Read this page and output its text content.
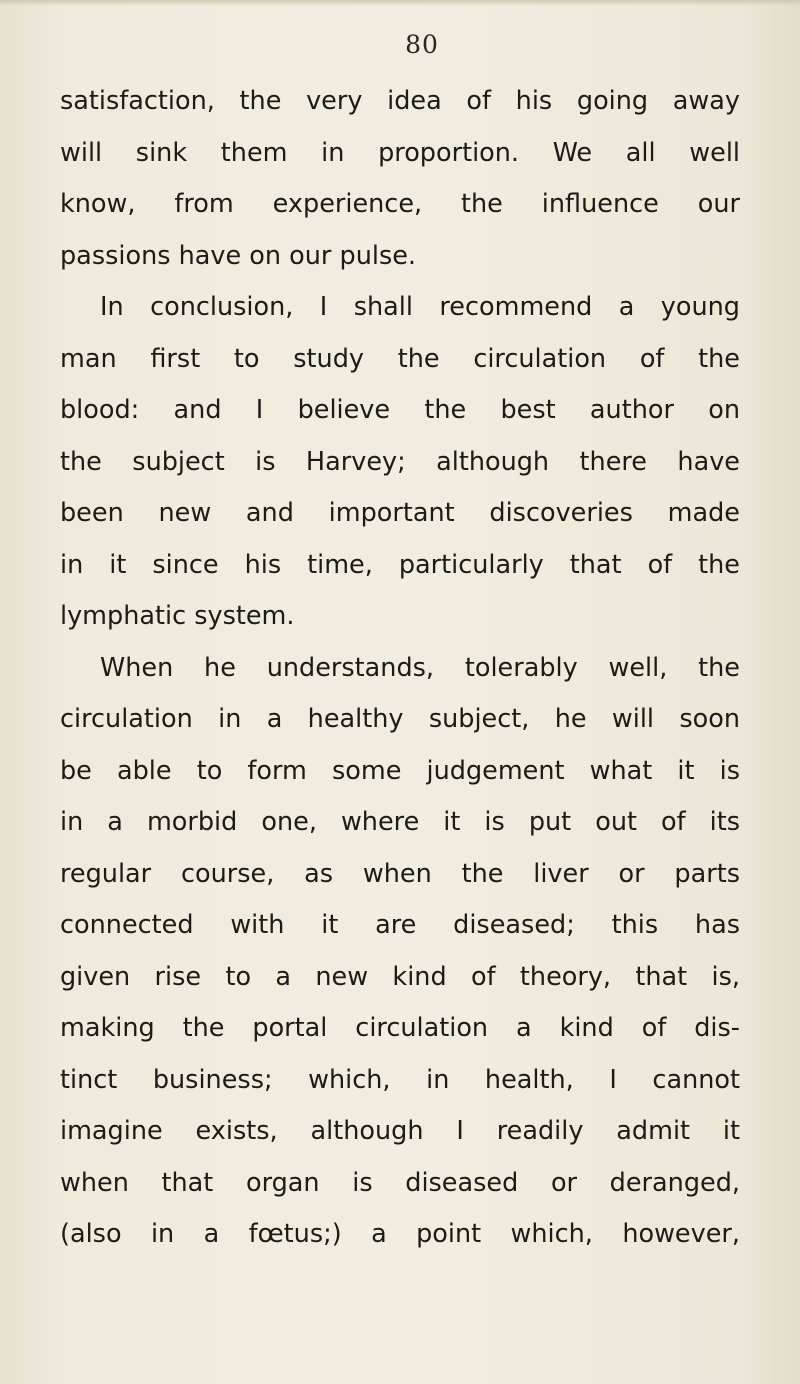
80
satisfaction, the very idea of his going away
will sink them in proportion. We all well
know, from experience, the influence our
passions have on our pulse.
In conclusion, I shall recommend a young
man first to study the circulation of the
blood: and I believe the best author on
the subject is Harvey; although there have
been new and important discoveries made
in it since his time, particularly that of the
lymphatic system.
When he understands, tolerably well, the
circulation in a healthy subject, he will soon
be able to form some judgement what it is
in a morbid one, where it is put out of its
regular course, as when the liver or parts
connected with it are diseased; this has
given rise to a new kind of theory, that is,
making the portal circulation a kind of dis-
tinct business; which, in health, I cannot
imagine exists, although I readily admit it
when that organ is diseased or deranged,
(also in a fœtus;) a point which, however,
